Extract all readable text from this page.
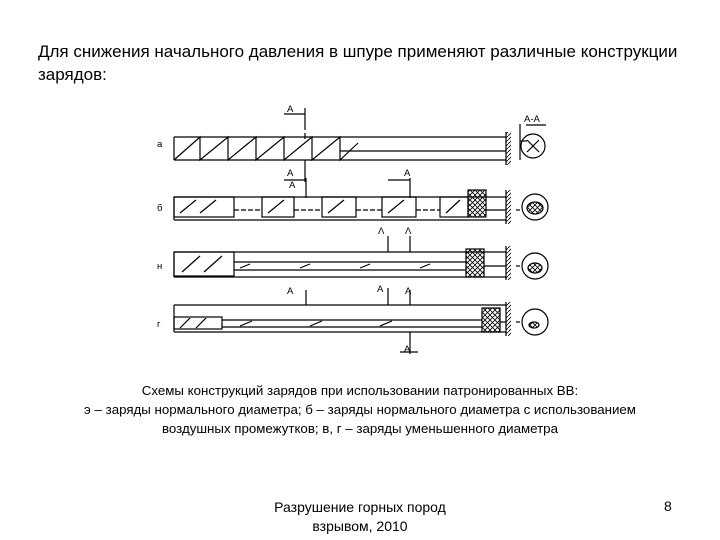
Для снижения начального давления в шпуре применяют различные конструкции зарядов:
а
б
н
г
А-А
А
А
А
А
Λ Λ
А	А А
А
Схемы конструкций зарядов при использовании патронированных ВВ:
э – заряды нормального диаметра; б – заряды нормального диаметра с использованием
воздушных промежутков; в, г – заряды уменьшенного диаметра
Разрушение горных пород
взрывом, 2010
8
